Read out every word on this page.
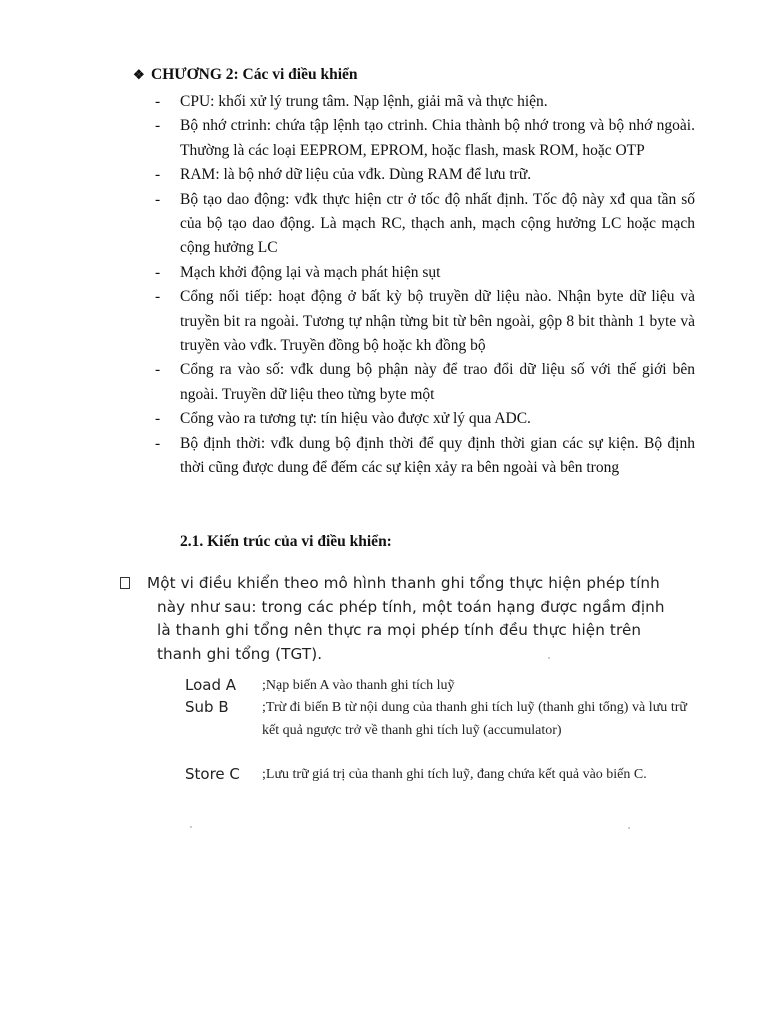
❖ CHƯƠNG 2: Các vi điều khiển
- CPU: khối xử lý trung tâm. Nạp lệnh, giải mã và thực hiện.
- Bộ nhớ ctrinh: chứa tập lệnh tạo ctrinh. Chia thành bộ nhớ trong và bộ nhớ ngoài. Thường là các loại EEPROM, EPROM, hoặc flash, mask ROM, hoặc OTP
- RAM: là bộ nhớ dữ liệu của vđk. Dùng RAM để lưu trữ.
- Bộ tạo dao động: vđk thực hiện ctr ở tốc độ nhất định. Tốc độ này xđ qua tần số của bộ tạo dao động. Là mạch RC, thạch anh, mạch cộng hưởng LC hoặc mạch cộng hưởng LC
- Mạch khởi động lại và mạch phát hiện sụt
- Cổng nối tiếp: hoạt động ở bất kỳ bộ truyền dữ liệu nào. Nhận byte dữ liệu và truyền bit ra ngoài. Tương tự nhận từng bit từ bên ngoài, gộp 8 bit thành 1 byte và truyền vào vđk. Truyền đồng bộ hoặc kh đồng bộ
- Cổng ra vào số: vđk dung bộ phận này để trao đổi dữ liệu số với thế giới bên ngoài. Truyền dữ liệu theo từng byte một
- Cổng vào ra tương tự: tín hiệu vào được xử lý qua ADC.
- Bộ định thời: vđk dung bộ định thời để quy định thời gian các sự kiện. Bộ định thời cũng được dung để đếm các sự kiện xảy ra bên ngoài và bên trong
2.1. Kiến trúc của vi điều khiển:
Một vi điều khiển theo mô hình thanh ghi tổng thực hiện phép tính
này như sau: trong các phép tính, một toán hạng được ngầm định
là thanh ghi tổng nên thực ra mọi phép tính đều thực hiện trên
thanh ghi tổng (TGT).
Load A ;Nạp biến A vào thanh ghi tích luỹ
Sub B ;Trừ đi biến B từ nội dung của thanh ghi tích luỹ (thanh ghi tổng) và lưu trữ kết quả ngược trở về thanh ghi tích luỹ (accumulator)
Store C ;Lưu trữ giá trị của thanh ghi tích luỹ, đang chứa kết quả vào biến C.
